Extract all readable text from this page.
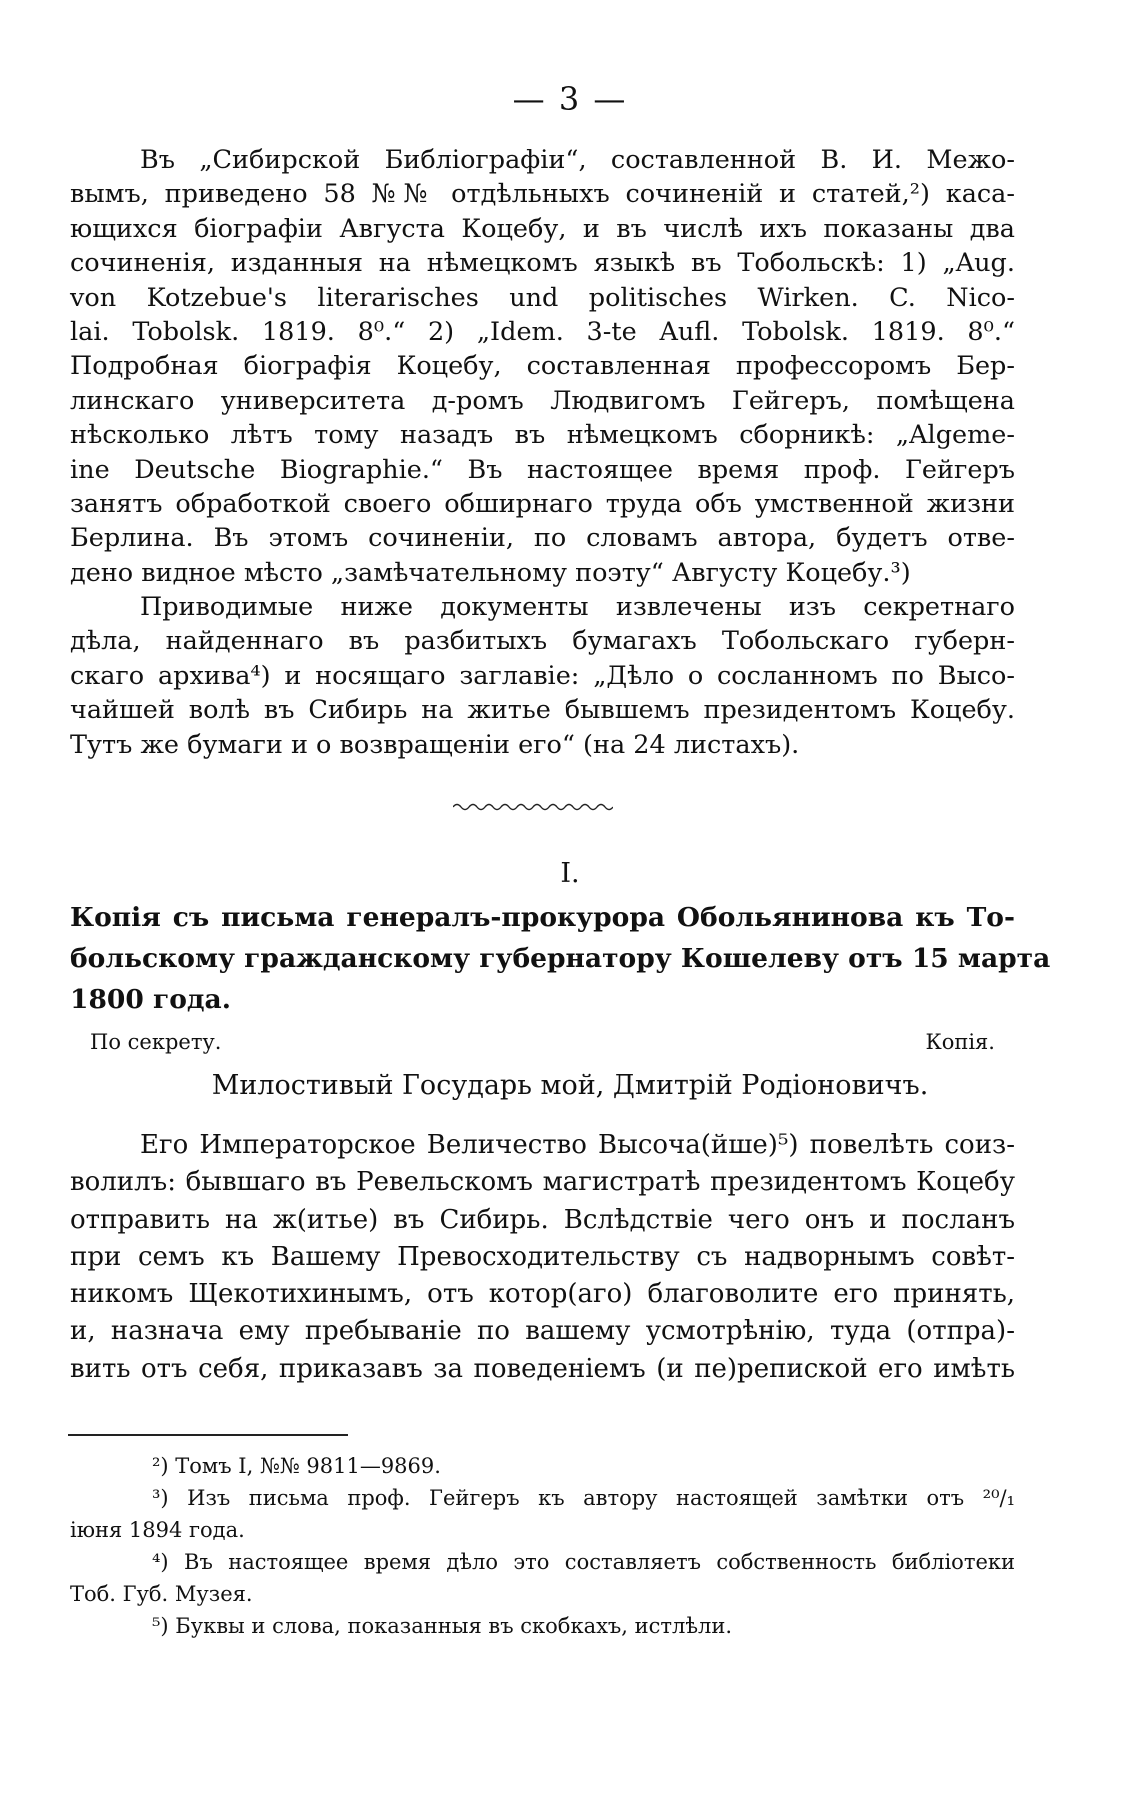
— 3 —
Въ „Сибирской Библіографіи“, составленной В. И. Межо-
вымъ, приведено 58 №№ отдѣльныхъ сочиненій и статей,²) каса-
ющихся біографіи Августа Коцебу, и въ числѣ ихъ показаны два
сочиненія, изданныя на нѣмецкомъ языкѣ въ Тобольскѣ: 1) „Aug.
von Kotzebue's literarisches und politisches Wirken. C. Nico-
lai. Tobolsk. 1819. 8⁰.“ 2) „Idem. 3-te Aufl. Tobolsk. 1819. 8⁰.“
Подробная біографія Коцебу, составленная профессоромъ Бер-
линскаго университета д-ромъ Людвигомъ Гейгеръ, помѣщена
нѣсколько лѣтъ тому назадъ въ нѣмецкомъ сборникѣ: „Algeme-
ine Deutsche Biographie.“ Въ настоящее время проф. Гейгеръ
занятъ обработкой своего обширнаго труда объ умственной жизни
Берлина. Въ этомъ сочиненіи, по словамъ автора, будетъ отве-
дено видное мѣсто „замѣчательному поэту“ Августу Коцебу.³)
Приводимые ниже документы извлечены изъ секретнаго
дѣла, найденнаго въ разбитыхъ бумагахъ Тобольскаго губерн-
скаго архива⁴) и носящаго заглавіе: „Дѣло о сосланномъ по Высо-
чайшей волѣ въ Сибирь на житье бывшемъ президентомъ Коцебу.
Тутъ же бумаги и о возвращеніи его“ (на 24 листахъ).
I.
Копія съ письма генералъ-прокурора Обольянинова къ То-
больскому гражданскому губернатору Кошелеву отъ 15 марта
1800 года.
По секрету.	Копія.
Милостивый Государь мой, Дмитрій Родіоновичъ.
Его Императорское Величество Высоча(йше)⁵) повелѣть соиз-
волилъ: бывшаго въ Ревельскомъ магистратѣ президентомъ Коцебу
отправить на ж(итье) въ Сибирь. Вслѣдствіе чего онъ и посланъ
при семъ къ Вашему Превосходительству съ надворнымъ совѣт-
никомъ Щекотихинымъ, отъ котор(аго) благоволите его принять,
и, назнача ему пребываніе по вашему усмотрѣнію, туда (отпра)-
вить отъ себя, приказавъ за поведеніемъ (и пе)репиской его имѣть
²) Томъ I, №№ 9811—9869.
³) Изъ письма проф. Гейгеръ къ автору настоящей замѣтки отъ ²⁰/₁
іюня 1894 года.
⁴) Въ настоящее время дѣло это составляетъ собственность библіотеки
Тоб. Губ. Музея.
⁵) Буквы и слова, показанныя въ скобкахъ, истлѣли.
